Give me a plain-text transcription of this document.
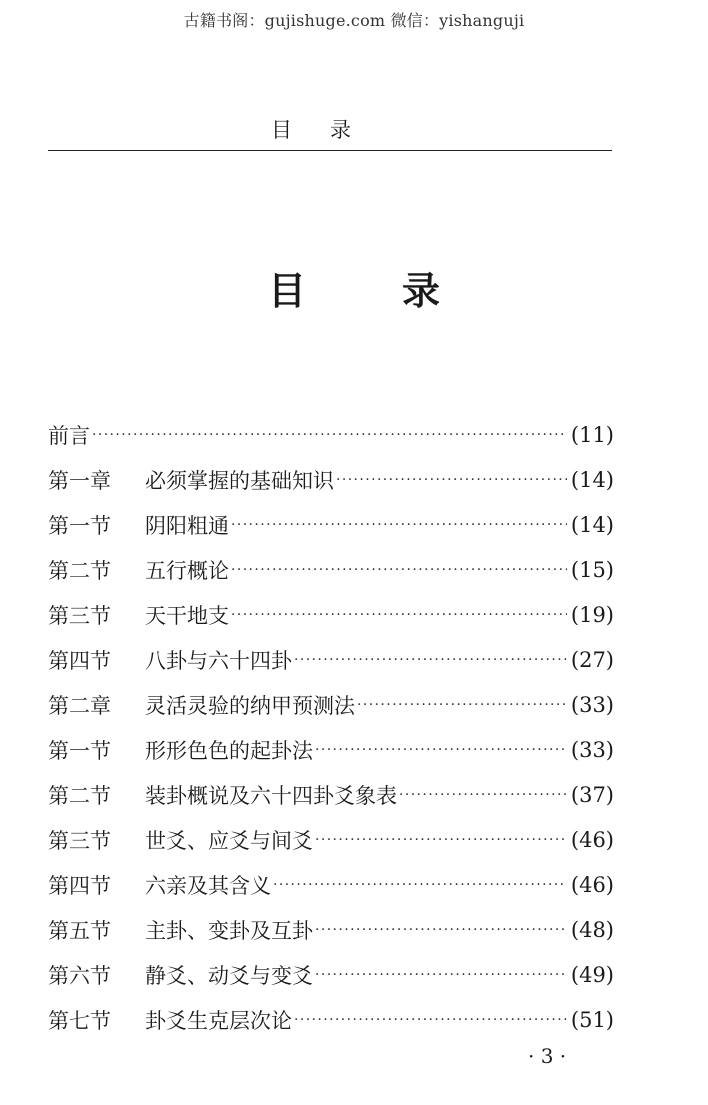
古籍书阁：gujishuge.com 微信：yishanguji
目录
目	录
前言 ·····	(11)
第一章	必须掌握的基础知识 ·····	(14)
第一节	阴阳粗通 ·····	(14)
第二节	五行概论 ·····	(15)
第三节	天干地支 ·····	(19)
第四节	八卦与六十四卦 ·····	(27)
第二章	灵活灵验的纳甲预测法 ·····	(33)
第一节	形形色色的起卦法 ·····	(33)
第二节	装卦概说及六十四卦爻象表 ·····	(37)
第三节	世爻、应爻与间爻 ·····	(46)
第四节	六亲及其含义 ·····	(46)
第五节	主卦、变卦及互卦 ·····	(48)
第六节	静爻、动爻与变爻 ·····	(49)
第七节	卦爻生克层次论 ·····	(51)
· 3 ·
